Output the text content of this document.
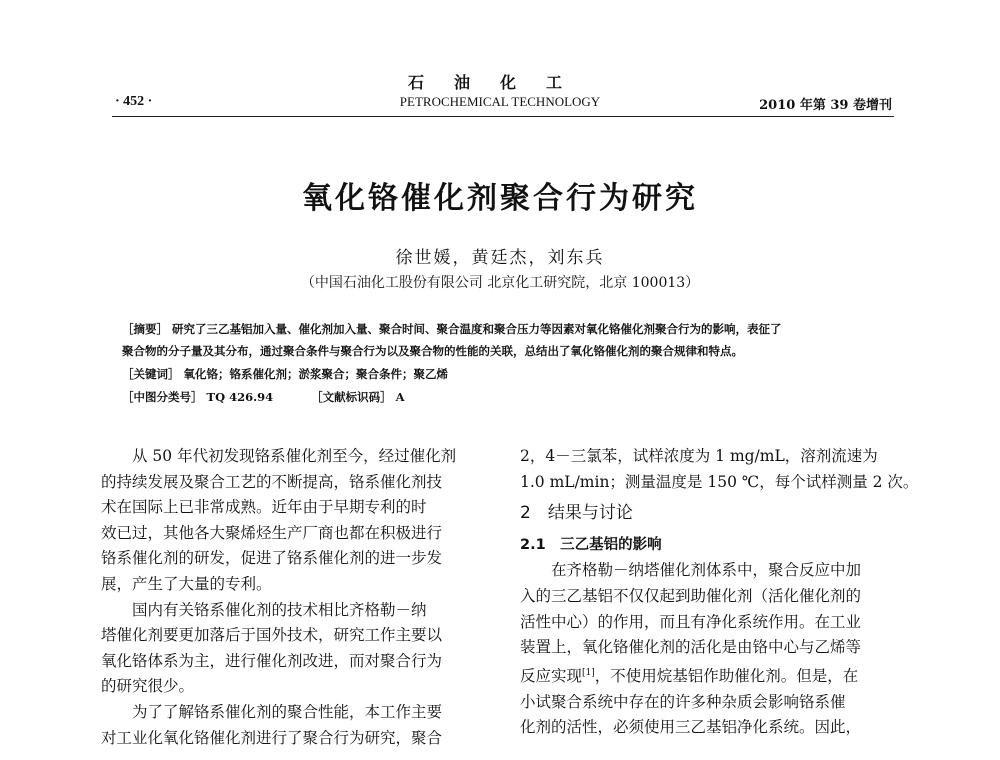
石油化工
· 452 ·	PETROCHEMICAL TECHNOLOGY	2010 年第 39 卷增刊
氧化铬催化剂聚合行为研究
徐世媛，黄廷杰，刘东兵
（中国石油化工股份有限公司 北京化工研究院，北京 100013）
［摘要］ 研究了三乙基铝加入量、催化剂加入量、聚合时间、聚合温度和聚合压力等因素对氧化铬催化剂聚合行为的影响，表征了
聚合物的分子量及其分布，通过聚合条件与聚合行为以及聚合物的性能的关联，总结出了氧化铬催化剂的聚合规律和特点。
［关键词］ 氧化铬；铬系催化剂；淤浆聚合；聚合条件；聚乙烯
［中图分类号］ TQ 426.94	［文献标识码］ A
从 50 年代初发现铬系催化剂至今，经过催化剂
的持续发展及聚合工艺的不断提高，铬系催化剂技
术在国际上已非常成熟。近年由于早期专利的时
效已过，其他各大聚烯烃生产厂商也都在积极进行
铬系催化剂的研发，促进了铬系催化剂的进一步发
展，产生了大量的专利。
国内有关铬系催化剂的技术相比齐格勒－纳
塔催化剂要更加落后于国外技术，研究工作主要以
氧化铬体系为主，进行催化剂改进，而对聚合行为
的研究很少。
为了了解铬系催化剂的聚合性能，本工作主要
对工业化氧化铬催化剂进行了聚合行为研究，聚合
2，4－三氯苯，试样浓度为 1 mg/mL，溶剂流速为
1.0 mL/min；测量温度是 150 ℃，每个试样测量 2 次。
2　结果与讨论
2.1　三乙基铝的影响
在齐格勒－纳塔催化剂体系中，聚合反应中加
入的三乙基铝不仅仅起到助催化剂（活化催化剂的
活性中心）的作用，而且有净化系统作用。在工业
装置上，氧化铬催化剂的活化是由铬中心与乙烯等
反应实现[1]，不使用烷基铝作助催化剂。但是，在
小试聚合系统中存在的许多种杂质会影响铬系催
化剂的活性，必须使用三乙基铝净化系统。因此，
